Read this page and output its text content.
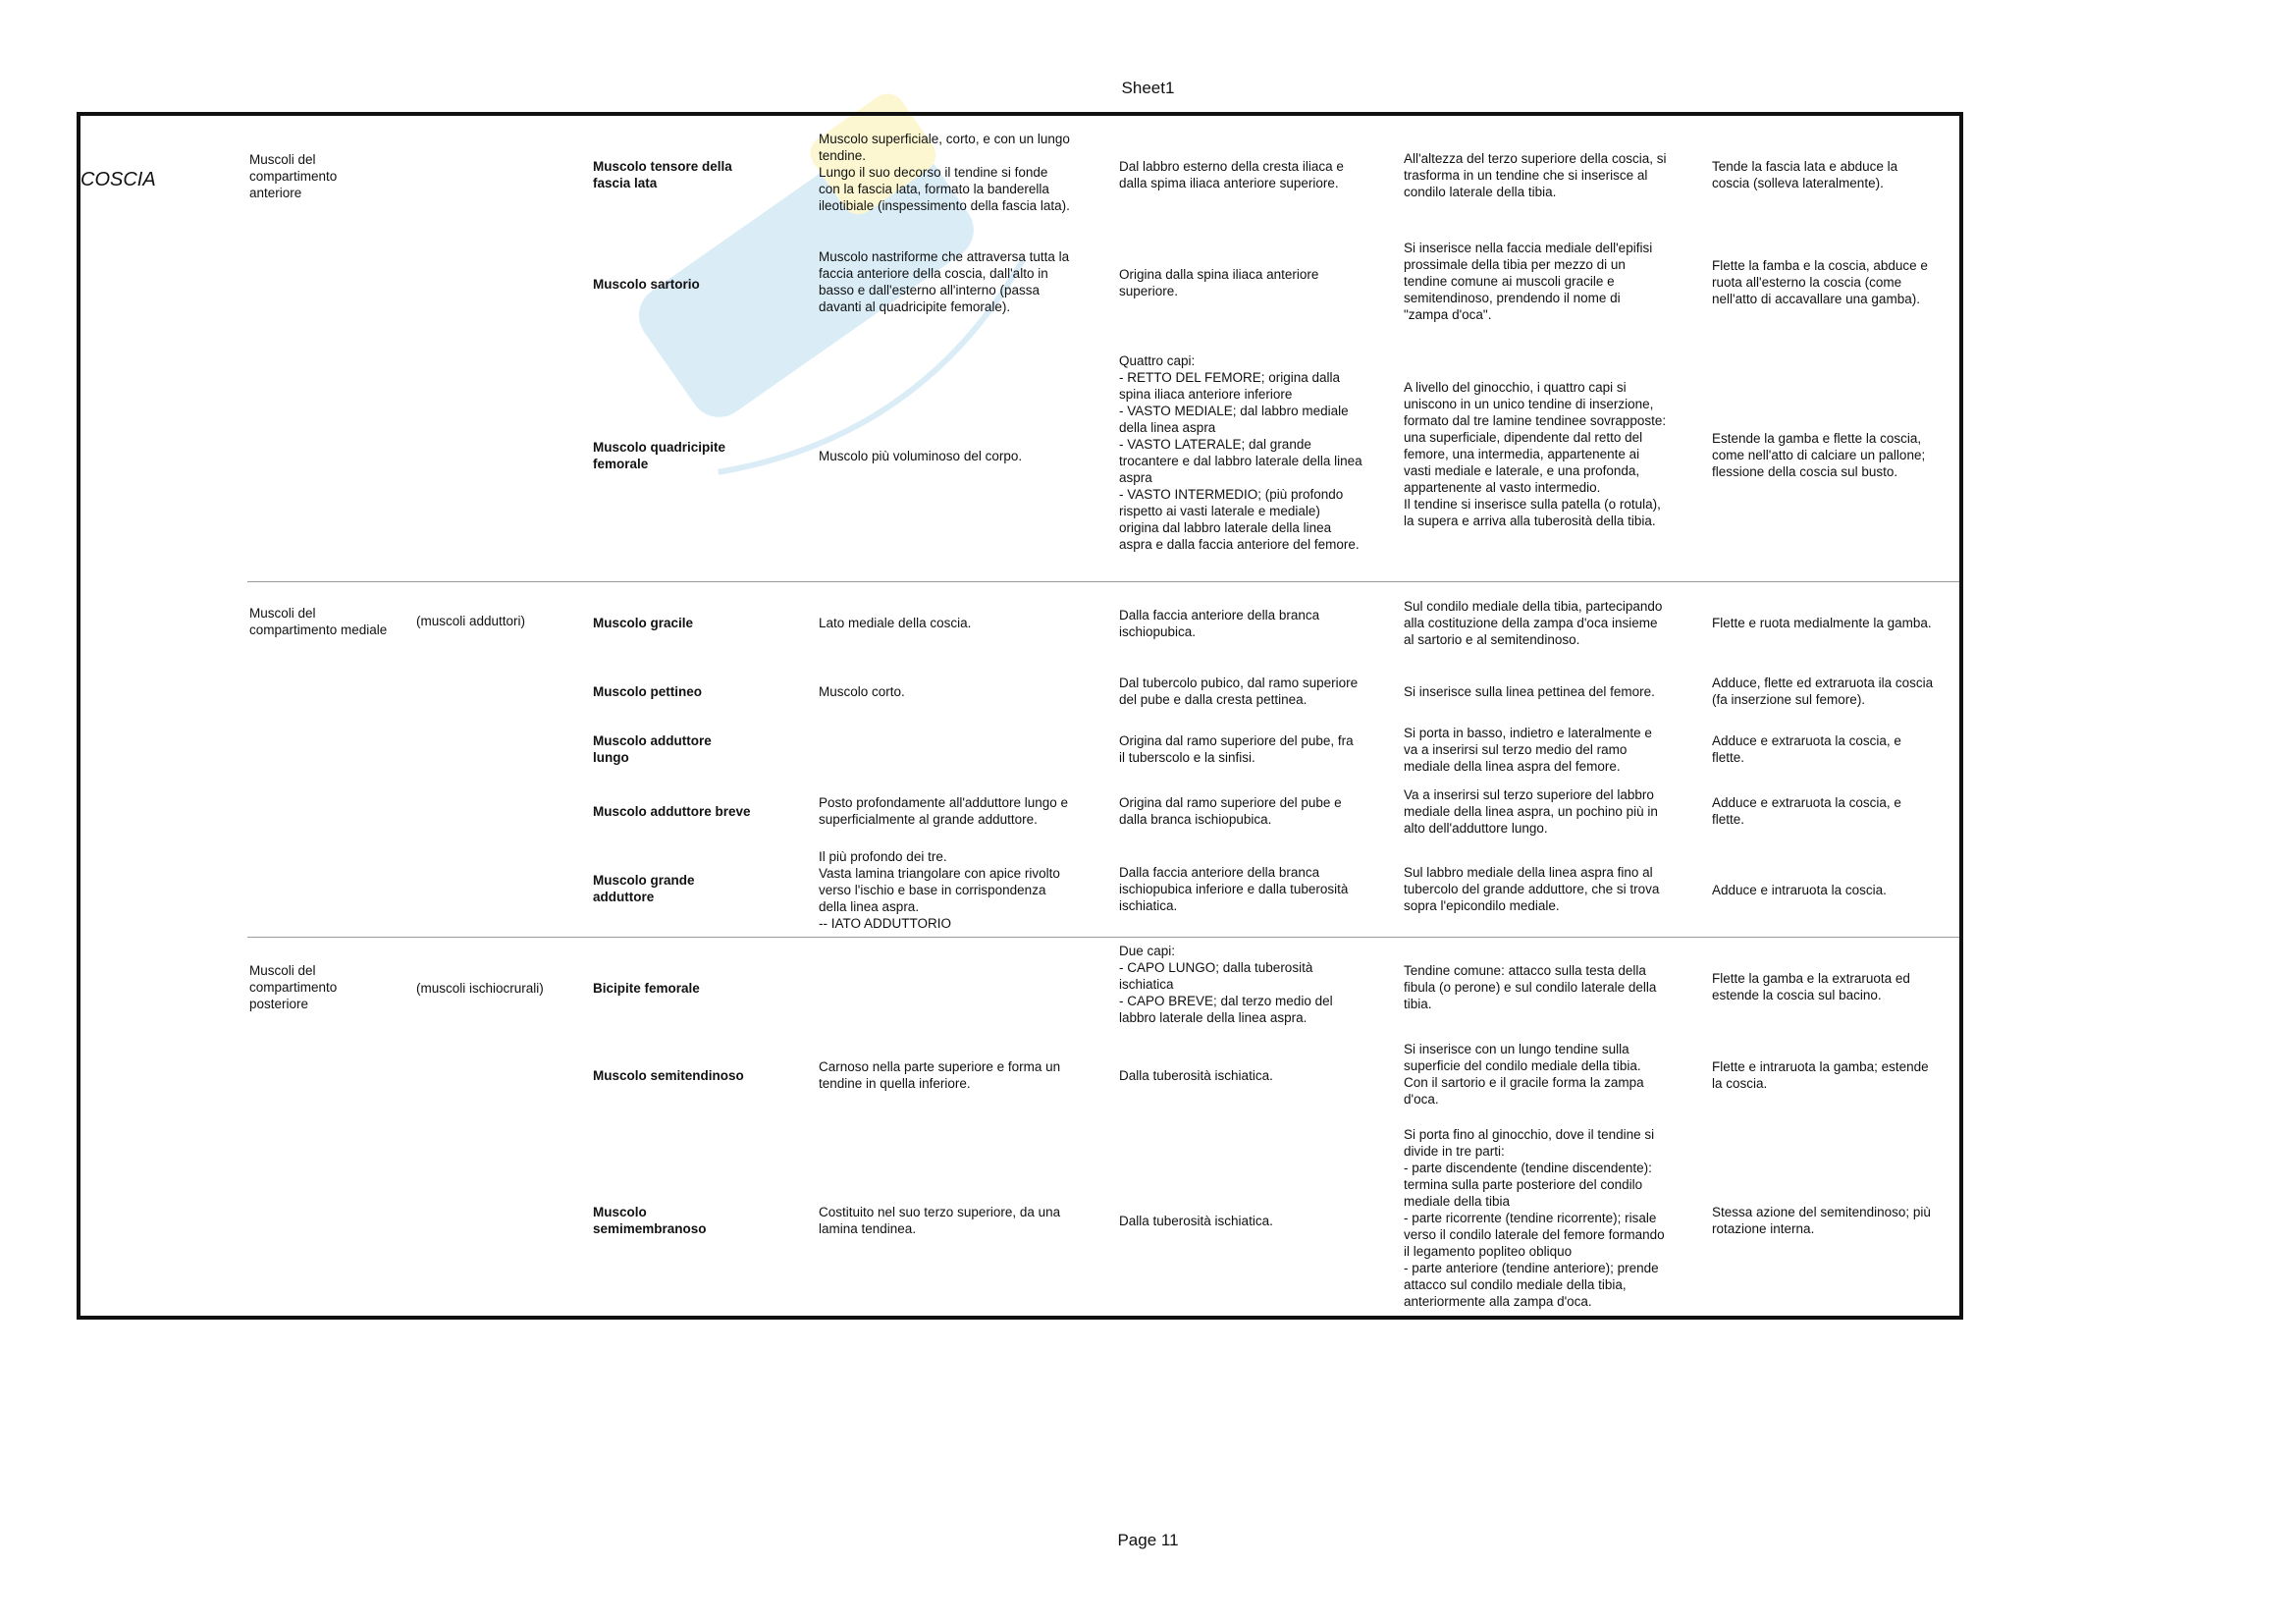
Sheet1
COSCIA
Muscoli del
compartimento
anteriore
Muscoli del
compartimento mediale
(muscoli adduttori)
Muscoli del
compartimento
posteriore
(muscoli ischiocrurali)
Muscolo tensore della
fascia lata
Muscolo superficiale, corto, e con un lungo
tendine.
Lungo il suo decorso il tendine si fonde
con la fascia lata, formato la banderella
ileotibiale (inspessimento della fascia lata).
Dal labbro esterno della cresta iliaca e
dalla spima iliaca anteriore superiore.
All'altezza del terzo superiore della coscia, si
trasforma in un tendine che si inserisce al
condilo laterale della tibia.
Tende la fascia lata e abduce la
coscia (solleva lateralmente).
Muscolo sartorio
Muscolo nastriforme che attraversa tutta la
faccia anteriore della coscia, dall'alto in
basso e dall'esterno all'interno (passa
davanti al quadricipite femorale).
Origina dalla spina iliaca anteriore
superiore.
Si inserisce nella faccia mediale dell'epifisi
prossimale della tibia per mezzo di un
tendine comune ai muscoli gracile e
semitendinoso, prendendo il nome di
"zampa d'oca".
Flette la famba e la coscia, abduce e
ruota all'esterno la coscia (come
nell'atto di accavallare una gamba).
Muscolo quadricipite
femorale
Muscolo più voluminoso del corpo.
Quattro capi:
- RETTO DEL FEMORE; origina dalla
spina iliaca anteriore inferiore
- VASTO MEDIALE; dal labbro mediale
della linea aspra
- VASTO LATERALE; dal grande
trocantere e dal labbro laterale della linea
aspra
- VASTO INTERMEDIO; (più profondo
rispetto ai vasti laterale e mediale)
origina dal labbro laterale della linea
aspra e dalla faccia anteriore del femore.
A livello del ginocchio, i quattro capi si
uniscono in un unico tendine di inserzione,
formato dal tre lamine tendinee sovrapposte:
una superficiale, dipendente dal retto del
femore, una intermedia, appartenente ai
vasti mediale e laterale, e una profonda,
appartenente al vasto intermedio.
Il tendine si inserisce sulla patella (o rotula),
la supera e arriva alla tuberosità della tibia.
Estende la gamba e flette la coscia,
come nell'atto di calciare un pallone;
flessione della coscia sul busto.
Muscolo gracile	Lato mediale della coscia.
Dalla faccia anteriore della branca
ischiopubica.
Sul condilo mediale della tibia, partecipando
alla costituzione della zampa d'oca insieme
al sartorio e al semitendinoso.
Flette e ruota medialmente la gamba.
Muscolo pettineo	Muscolo corto.
Dal tubercolo pubico, dal ramo superiore
del pube e dalla cresta pettinea.
Si inserisce sulla linea pettinea del femore.
Adduce, flette ed extraruota ila coscia
(fa inserzione sul femore).
Muscolo adduttore
lungo
Origina dal ramo superiore del pube, fra
il tuberscolo e la sinfisi.
Si porta in basso, indietro e lateralmente e
va a inserirsi sul terzo medio del ramo
mediale della linea aspra del femore.
Adduce e extraruota la coscia, e
flette.
Muscolo adduttore breve
Posto profondamente all'adduttore lungo e
superficialmente al grande adduttore.
Origina dal ramo superiore del pube e
dalla branca ischiopubica.
Va a inserirsi sul terzo superiore del labbro
mediale della linea aspra, un pochino più in
alto dell'adduttore lungo.
Adduce e extraruota la coscia, e
flette.
Muscolo grande
adduttore
Il più profondo dei tre.
Vasta lamina triangolare con apice rivolto
verso l'ischio e base in corrispondenza
della linea aspra.
-- IATO ADDUTTORIO
Dalla faccia anteriore della branca
ischiopubica inferiore e dalla tuberosità
ischiatica.
Sul labbro mediale della linea aspra fino al
tubercolo del grande adduttore, che si trova
sopra l'epicondilo mediale.
Adduce e intraruota la coscia.
Bicipite femorale
Due capi:
- CAPO LUNGO; dalla tuberosità
ischiatica
- CAPO BREVE; dal terzo medio del
labbro laterale della linea aspra.
Tendine comune: attacco sulla testa della
fibula (o perone) e sul condilo laterale della
tibia.
Flette la gamba e la extraruota ed
estende la coscia sul bacino.
Muscolo semitendinoso
Carnoso nella parte superiore e forma un
tendine in quella inferiore.
Dalla tuberosità ischiatica.
Si inserisce con un lungo tendine sulla
superficie del condilo mediale della tibia.
Con il sartorio e il gracile forma la zampa
d'oca.
Flette e intraruota la gamba; estende
la coscia.
Muscolo
semimembranoso
Costituito nel suo terzo superiore, da una
lamina tendinea.
Dalla tuberosità ischiatica.
Si porta fino al ginocchio, dove il tendine si
divide in tre parti:
- parte discendente (tendine discendente):
termina sulla parte posteriore del condilo
mediale della tibia
- parte ricorrente (tendine ricorrente); risale
verso il condilo laterale del femore formando
il legamento popliteo obliquo
- parte anteriore (tendine anteriore); prende
attacco sul condilo mediale della tibia,
anteriormente alla zampa d'oca.
Stessa azione del semitendinoso; più
rotazione interna.
Page 11
